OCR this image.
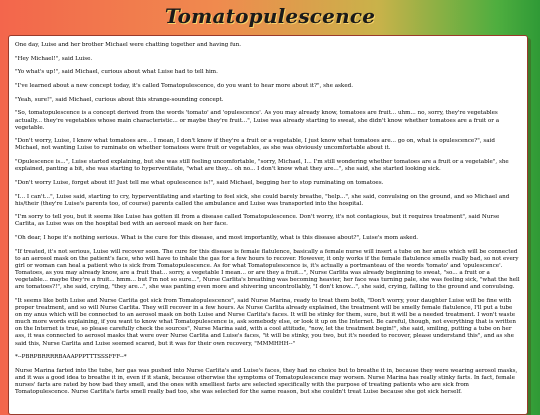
Tomatopulescence

One day, Luise and her brother Michael were chatting together and having fun.

"Hey Michael!", said Luise.

"Yo what's up!", said Michael, curious about what Luise had to tell him.

"I've learned about a new concept today, it's called Tomatopulescence, do you want to hear more about it?", she asked.

"Yeah, sure!", said Michael, curious about this strange-sounding concept.

"So, tomatopulescence is a concept derived from the words 'tomato' and 'opulescence'. As you may already know, tomatoes are fruit... uhm... no, sorry, they're vegetables actually... they're vegetables whose main characteristic... or maybe they're fruit...", Luise was already starting to sweat, she didn't know whether tomatoes are a fruit or a vegetable.

"Don't worry, Luise, I know what tomatoes are... I mean, I don't know if they're a fruit or a vegetable, I just know what tomatoes are... go on, what is opulescence?", said Michael, not wanting Luise to ruminate on whether tomatoes were fruit or vegetables, as she was obviously uncomfortable about it.

"Opulescence is...", Luise started explaining, but she was still feeling uncomfortable, "sorry, Michael, I... I'm still wondering whether tomatoes are a fruit or a vegetable", she explained, panting a bit, she was starting to hyperventilate, "what are they... oh no... I don't know what they are...", she said, she started looking sick.

"Don't worry Luise, forget about it! Just tell me what opulescence is!", said Michael, begging her to stop ruminating on tomatoes.

"I... I can't...", Luise said, starting to cry, hyperventilating and starting to feel sick, she could barely breathe, "help...", she said, convulsing on the ground, and so Michael and his/their (they're Luise's parents too, of course) parents called the ambulance and Luise was transported into the hospital.

"I'm sorry to tell you, but it seems like Luise has gotten ill from a disease called Tomatopulescence. Don't worry, it's not contagious, but it requires treatment", said Nurse Carlita, as Luise was on the hospital bed with an aerosol mask on her face.

"Oh dear, I hope it's nothing serious. What is the cure for this disease, and most importantly, what is this disease about?", Luise's mom asked.

"If treated, it's not serious, Luise will recover soon. The cure for this disease is female flatulence, basically a female nurse will insert a tube on her anus which will be connected to an aerosol mask on the patient's face, who will have to inhale the gas for a few hours to recover. However, it only works if the female flatulence smells really bad, so not every girl or woman can heal a patient who is sick from Tomatopulescence. As for what Tomatopulescence is, it's actually a portmanteau of the words 'tomato' and 'opulescence'. Tomatoes, as you may already know, are a fruit that... sorry, a vegetable I mean... or are they a fruit...", Nurse Carlita was already beginning to sweat, "so... a fruit or a vegetable... maybe they're a fruit... hmm... but I'm not so sure...", Nurse Carlita's breathing was becoming heavier, her face was turning pale, she was feeling sick, "what the hell are tomatoes?!", she said, crying, "they are...", she was panting even more and shivering uncontrollably, "I don't know...", she said, crying, falling to the ground and convulsing.

"It seems like both Luise and Nurse Carlita got sick from Tomatopulescence", said Nurse Marina, ready to treat them both, "Don't worry, your daughter Luise will be fine with proper treatment, and so will Nurse Carlita. They will recover in a few hours. As Nurse Carlita already explained, the treatment will be smelly female flatulence, I'll put a tube on my anus which will be connected to an aerosol mask on both Luise and Nurse Carlita's faces. It will be stinky for them, sure, but it will be a needed treatment. I won't waste much more words explaining, if you want to know what Tomatopulescence is, ask somebody else, or look it up on the Internet. Be careful, though, not everything that is written on the Internet is true, so please carefully check the sources", Nurse Marina said, with a cool attitude, "now, let the treatment begin!", she said, smiling, putting a tube on her ass, it was connected to aerosol masks that were over Nurse Carlita and Luise's faces, "it will be stinky, you two, but it's needed to recover, please understand this", and as she said this, Nurse Carlita and Luise seemed scared, but it was for their own recovery, "MMMHHH--"

*--PBRPBRRRRBAAAPPPTTTSSSFFF--*

Nurse Marina farted into the tube, her gas was pushed into Nurse Carlita's and Luise's faces, they had no choice but to breathe it in, because they were wearing aerosol masks, and it was a good idea to breathe it in, even if it stank, because otherwise the symptoms of Tomatopulescence may worsen. Nurse Marina has really stinky farts. In fact, female nurses' farts are rated by how bad they smell, and the ones with smelliest farts are selected specifically with the purpose of treating patients who are sick from Tomatopulescence. Nurse Carlita's farts smell really bad too, she was selected for the same reason, but she couldn't treat Luise because she got sick herself.
